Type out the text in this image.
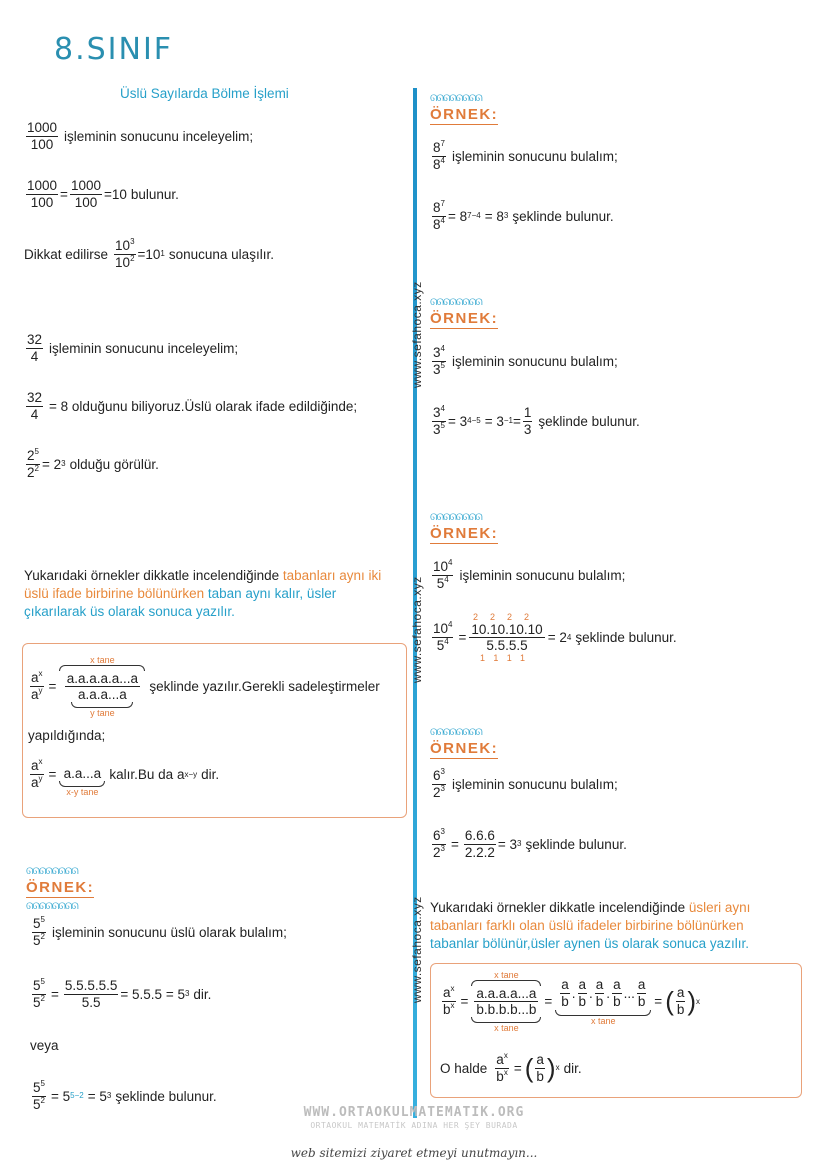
8.SINIF
Üslü Sayılarda Bölme İşlemi
www.sefahoca.xyz
www.sefahoca.xyz
www.sefahoca.xyz
1000
100
işleminin sonucunu inceleyelim;
$\frac{1000}{100} = \frac{1000}{100} =10$ bulunur.
Dikkat edilirse $\frac{10^3}{10^2} =10$ 1 sonucuna ulaşılır.
32
4
işleminin sonucunu inceleyelim;
$\frac{32}{4} = 8$ olduğunu biliyoruz.Üslü olarak ifade edildiğinde;
$\frac{2^5}{2^2} = 2$ 3 olduğu görülür.
Yukarıdaki örnekler dikkatle incelendiğinde tabanları aynı iki üslü ifade birbirine bölünürken taban aynı kalır, üsler çıkarılarak üs olarak sonuca yazılır.
$\frac{a^x}{a^y}$ =
x tane
a.a.a.a.a...a
a.a.a...a
y tane
şeklinde yazılır.Gerekli sadeleştirmeler
yapıldığında;
$\frac{a^x}{a^y} = a.a...a$
x-y tane
kalır.Bu da a x−y dir.
ᘏᘏᘏᘏᘏᘏᘏᘏ
ÖRNEK:
ᘏᘏᘏᘏᘏᘏᘏᘏ
$5^5$
$5^2$ işleminin sonucunu üslü olarak bulalım;
$\frac{5^5}{5^2} = \frac{5.5.5.5.5}{5.5} = 5.5.5 = 5$ 3 dir.
veya
$\frac{5^5}{5^2} = 5$ 5−2 = 5 3 şeklinde bulunur.
ᘏᘏᘏᘏᘏᘏᘏᘏ
ÖRNEK:
$8^7$
$8^4$ işleminin sonucunu bulalım;
$\frac{8^7}{8^4} = 8$ 7−4 = 8 3 şeklinde bulunur.
ᘏᘏᘏᘏᘏᘏᘏᘏ
ÖRNEK:
$3^4$
$3^5$ işleminin sonucunu bulalım;
$\frac{3^4}{3^5} = 3$ $4-5 = 3 -1 = \frac{1}{3}$ şeklinde bulunur.
ᘏᘏᘏᘏᘏᘏᘏᘏ
ÖRNEK:
$10^4$
$5^4$ işleminin sonucunu bulalım;
$\frac{10^4}{5^4}$ =
2222
10.10.10.10
5.5.5.5
1111
= 2 4 şeklinde bulunur.
ᘏᘏᘏᘏᘏᘏᘏᘏ
ÖRNEK:
$6^3$
$2^3$ işleminin sonucunu bulalım;
$\frac{6^3}{2^3} = \frac{6.6.6}{2.2.2} = 3$ 3 şeklinde bulunur.
Yukarıdaki örnekler dikkatle incelendiğinde üsleri aynı tabanları farklı olan üslü ifadeler birbirine bölünürken tabanlar bölünür,üsler aynen üs olarak sonuca yazılır.
$\frac{a^x}{b^x}$ =
x tane
a.a.a.a...a
b.b.b.b...b
x tane
=
a
b
.
a
b
.
a
b
.
a
b
...
a
b
x tane
= ( a
b ) x
O halde $\frac{a^x}{b^x}$ = ( a
b ) x dir.
WWW.ORTAOKULMATEMATIK.ORG
ORTAOKUL MATEMATİK ADINA HER ŞEY BURADA
web sitemizi ziyaret etmeyi unutmayın...
